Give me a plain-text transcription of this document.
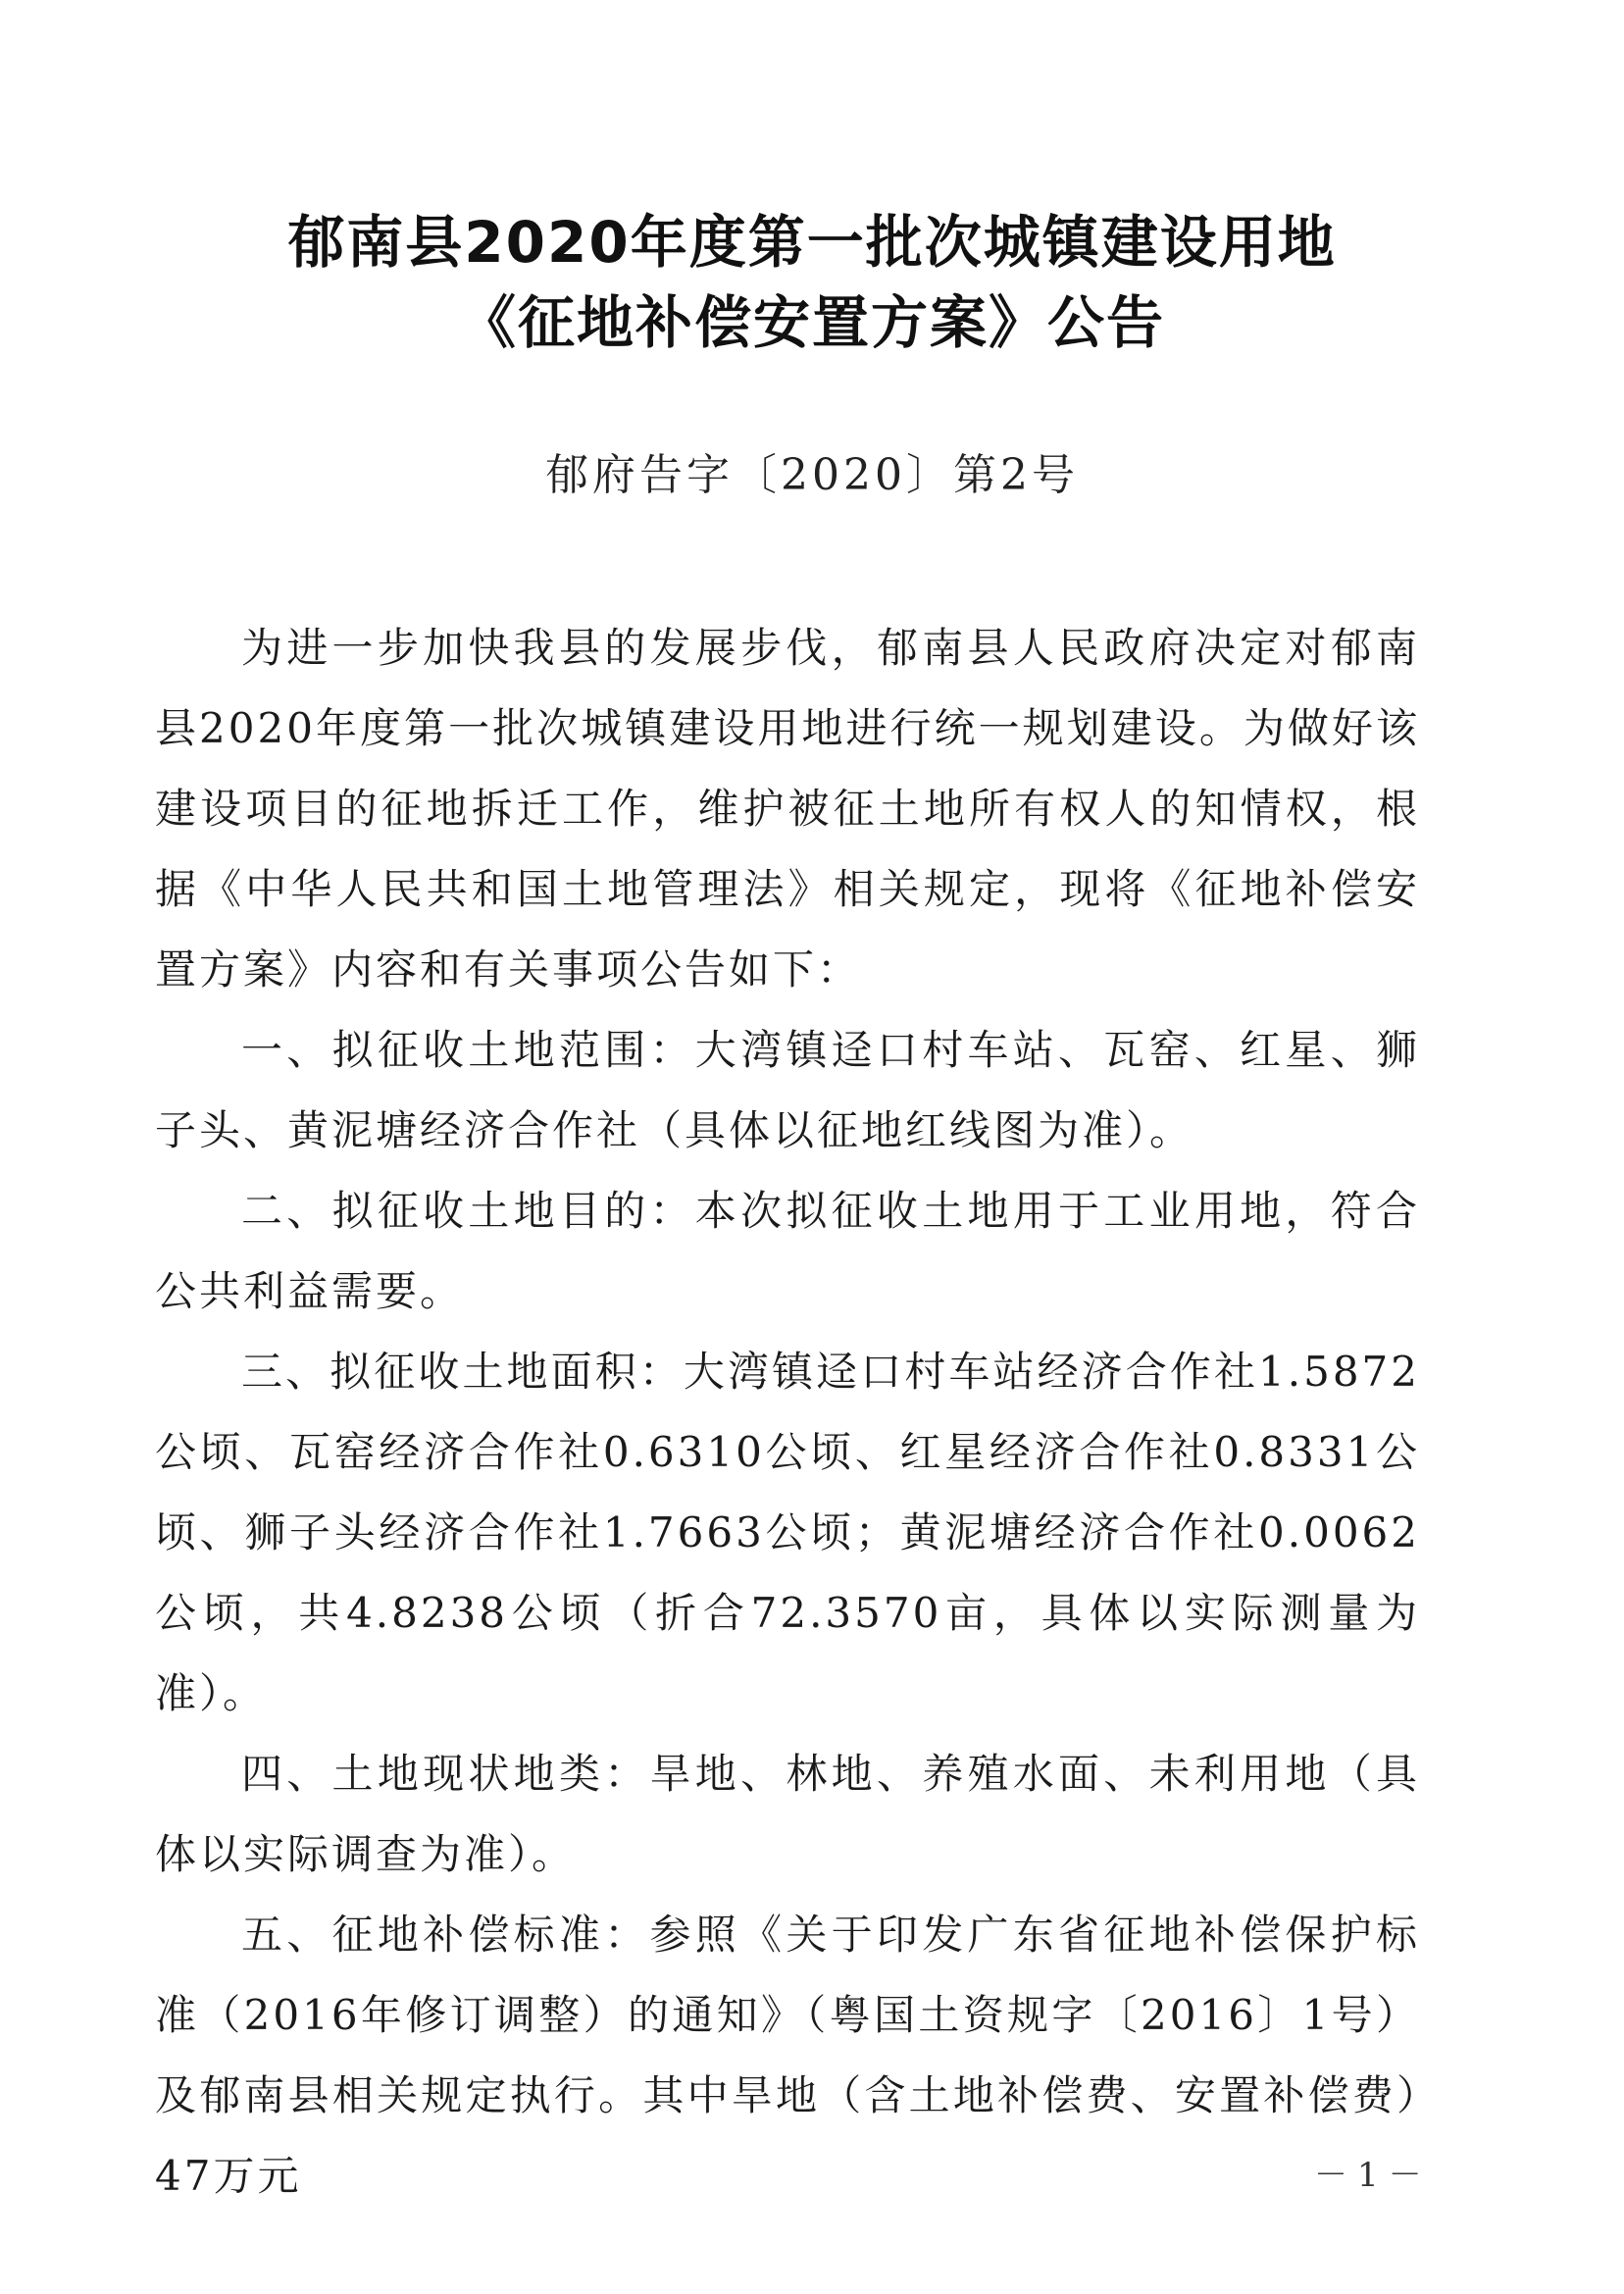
郁南县2020年度第一批次城镇建设用地
《征地补偿安置方案》公告
郁府告字〔2020〕第2号

为进一步加快我县的发展步伐，郁南县人民政府决定对郁南县2020年度第一批次城镇建设用地进行统一规划建设。为做好该建设项目的征地拆迁工作，维护被征土地所有权人的知情权，根据《中华人民共和国土地管理法》相关规定，现将《征地补偿安置方案》内容和有关事项公告如下：

一、拟征收土地范围：大湾镇迳口村车站、瓦窑、红星、狮子头、黄泥塘经济合作社（具体以征地红线图为准）。

二、拟征收土地目的：本次拟征收土地用于工业用地，符合公共利益需要。

三、拟征收土地面积：大湾镇迳口村车站经济合作社1.5872公顷、瓦窑经济合作社0.6310公顷、红星经济合作社0.8331公顷、狮子头经济合作社1.7663公顷；黄泥塘经济合作社0.0062公顷，共4.8238公顷（折合72.3570亩，具体以实际测量为准）。

四、土地现状地类：旱地、林地、养殖水面、未利用地（具体以实际调查为准）。

五、征地补偿标准：参照《关于印发广东省征地补偿保护标准（2016年修订调整）的通知》（粤国土资规字〔2016〕1号）及郁南县相关规定执行。其中旱地（含土地补偿费、安置补偿费）47万元	－1－
